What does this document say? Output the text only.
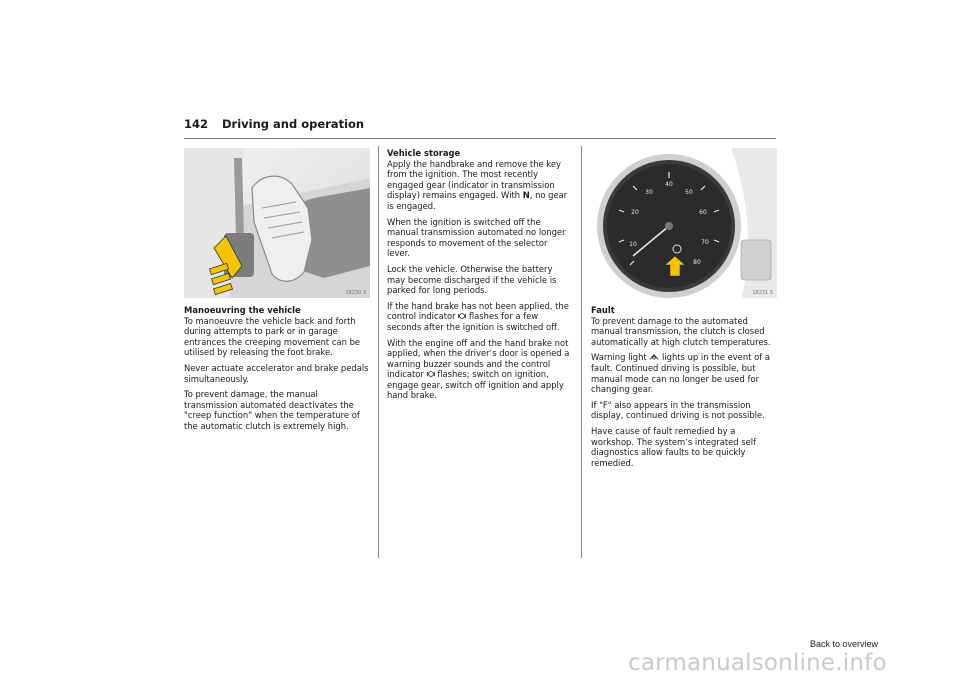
142 Driving and operation
18230 S
10
20
30
40
50
60
70
80
18231 S
Manoeuvring the vehicle

To manoeuvre the vehicle back and forth during attempts to park or in garage entrances the creeping movement can be utilised by releasing the foot brake.

Never actuate accelerator and brake pedals simultaneously.

To prevent damage, the manual transmission automated deactivates the "creep function" when the temperature of the automatic clutch is extremely high.

Vehicle storage

Apply the handbrake and remove the key from the ignition. The most recently engaged gear (indicator in transmission display) remains engaged. With N, no gear is engaged.

When the ignition is switched off the manual transmission automated no longer responds to movement of the selector lever.

Lock the vehicle. Otherwise the battery may become discharged if the vehicle is parked for long periods.

If the hand brake has not been applied, the control indicator  flashes for a few seconds after the ignition is switched off.

With the engine off and the hand brake not applied, when the driver’s door is opened a warning buzzer sounds and the control indicator  flashes; switch on ignition, engage gear, switch off ignition and apply hand brake.

Fault

To prevent damage to the automated manual transmission, the clutch is closed automatically at high clutch temperatures.

Warning light  lights up in the event of a fault. Continued driving is possible, but manual mode can no longer be used for changing gear.

If "F" also appears in the transmission display, continued driving is not possible.

Have cause of fault remedied by a workshop. The system’s integrated self diagnostics allow faults to be quickly remedied.

Back to overview
carmanualsonline.info
